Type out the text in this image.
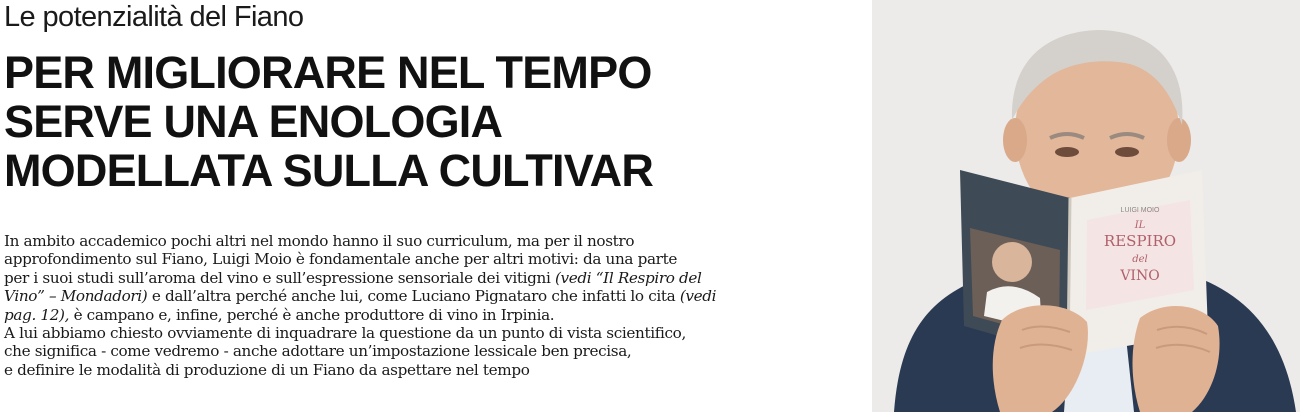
Le potenzialità del Fiano
PER MIGLIORARE NEL TEMPO
SERVE UNA ENOLOGIA
MODELLATA SULLA CULTIVAR
In ambito accademico pochi altri nel mondo hanno il suo curriculum, ma per il nostro
approfondimento sul Fiano, Luigi Moio è fondamentale anche per altri motivi: da una parte
per i suoi studi sull’aroma del vino e sull’espressione sensoriale dei vitigni (vedi “Il Respiro del
Vino” – Mondadori) e dall’altra perché anche lui, come Luciano Pignataro che infatti lo cita (vedi
pag. 12), è campano e, infine, perché è anche produttore di vino in Irpinia.
A lui abbiamo chiesto ovviamente di inquadrare la questione da un punto di vista scientifico,
che significa - come vedremo - anche adottare un’impostazione lessicale ben precisa,
e definire le modalità di produzione di un Fiano da aspettare nel tempo
LUIGI MOIO
IL
RESPIRO
del
VINO
